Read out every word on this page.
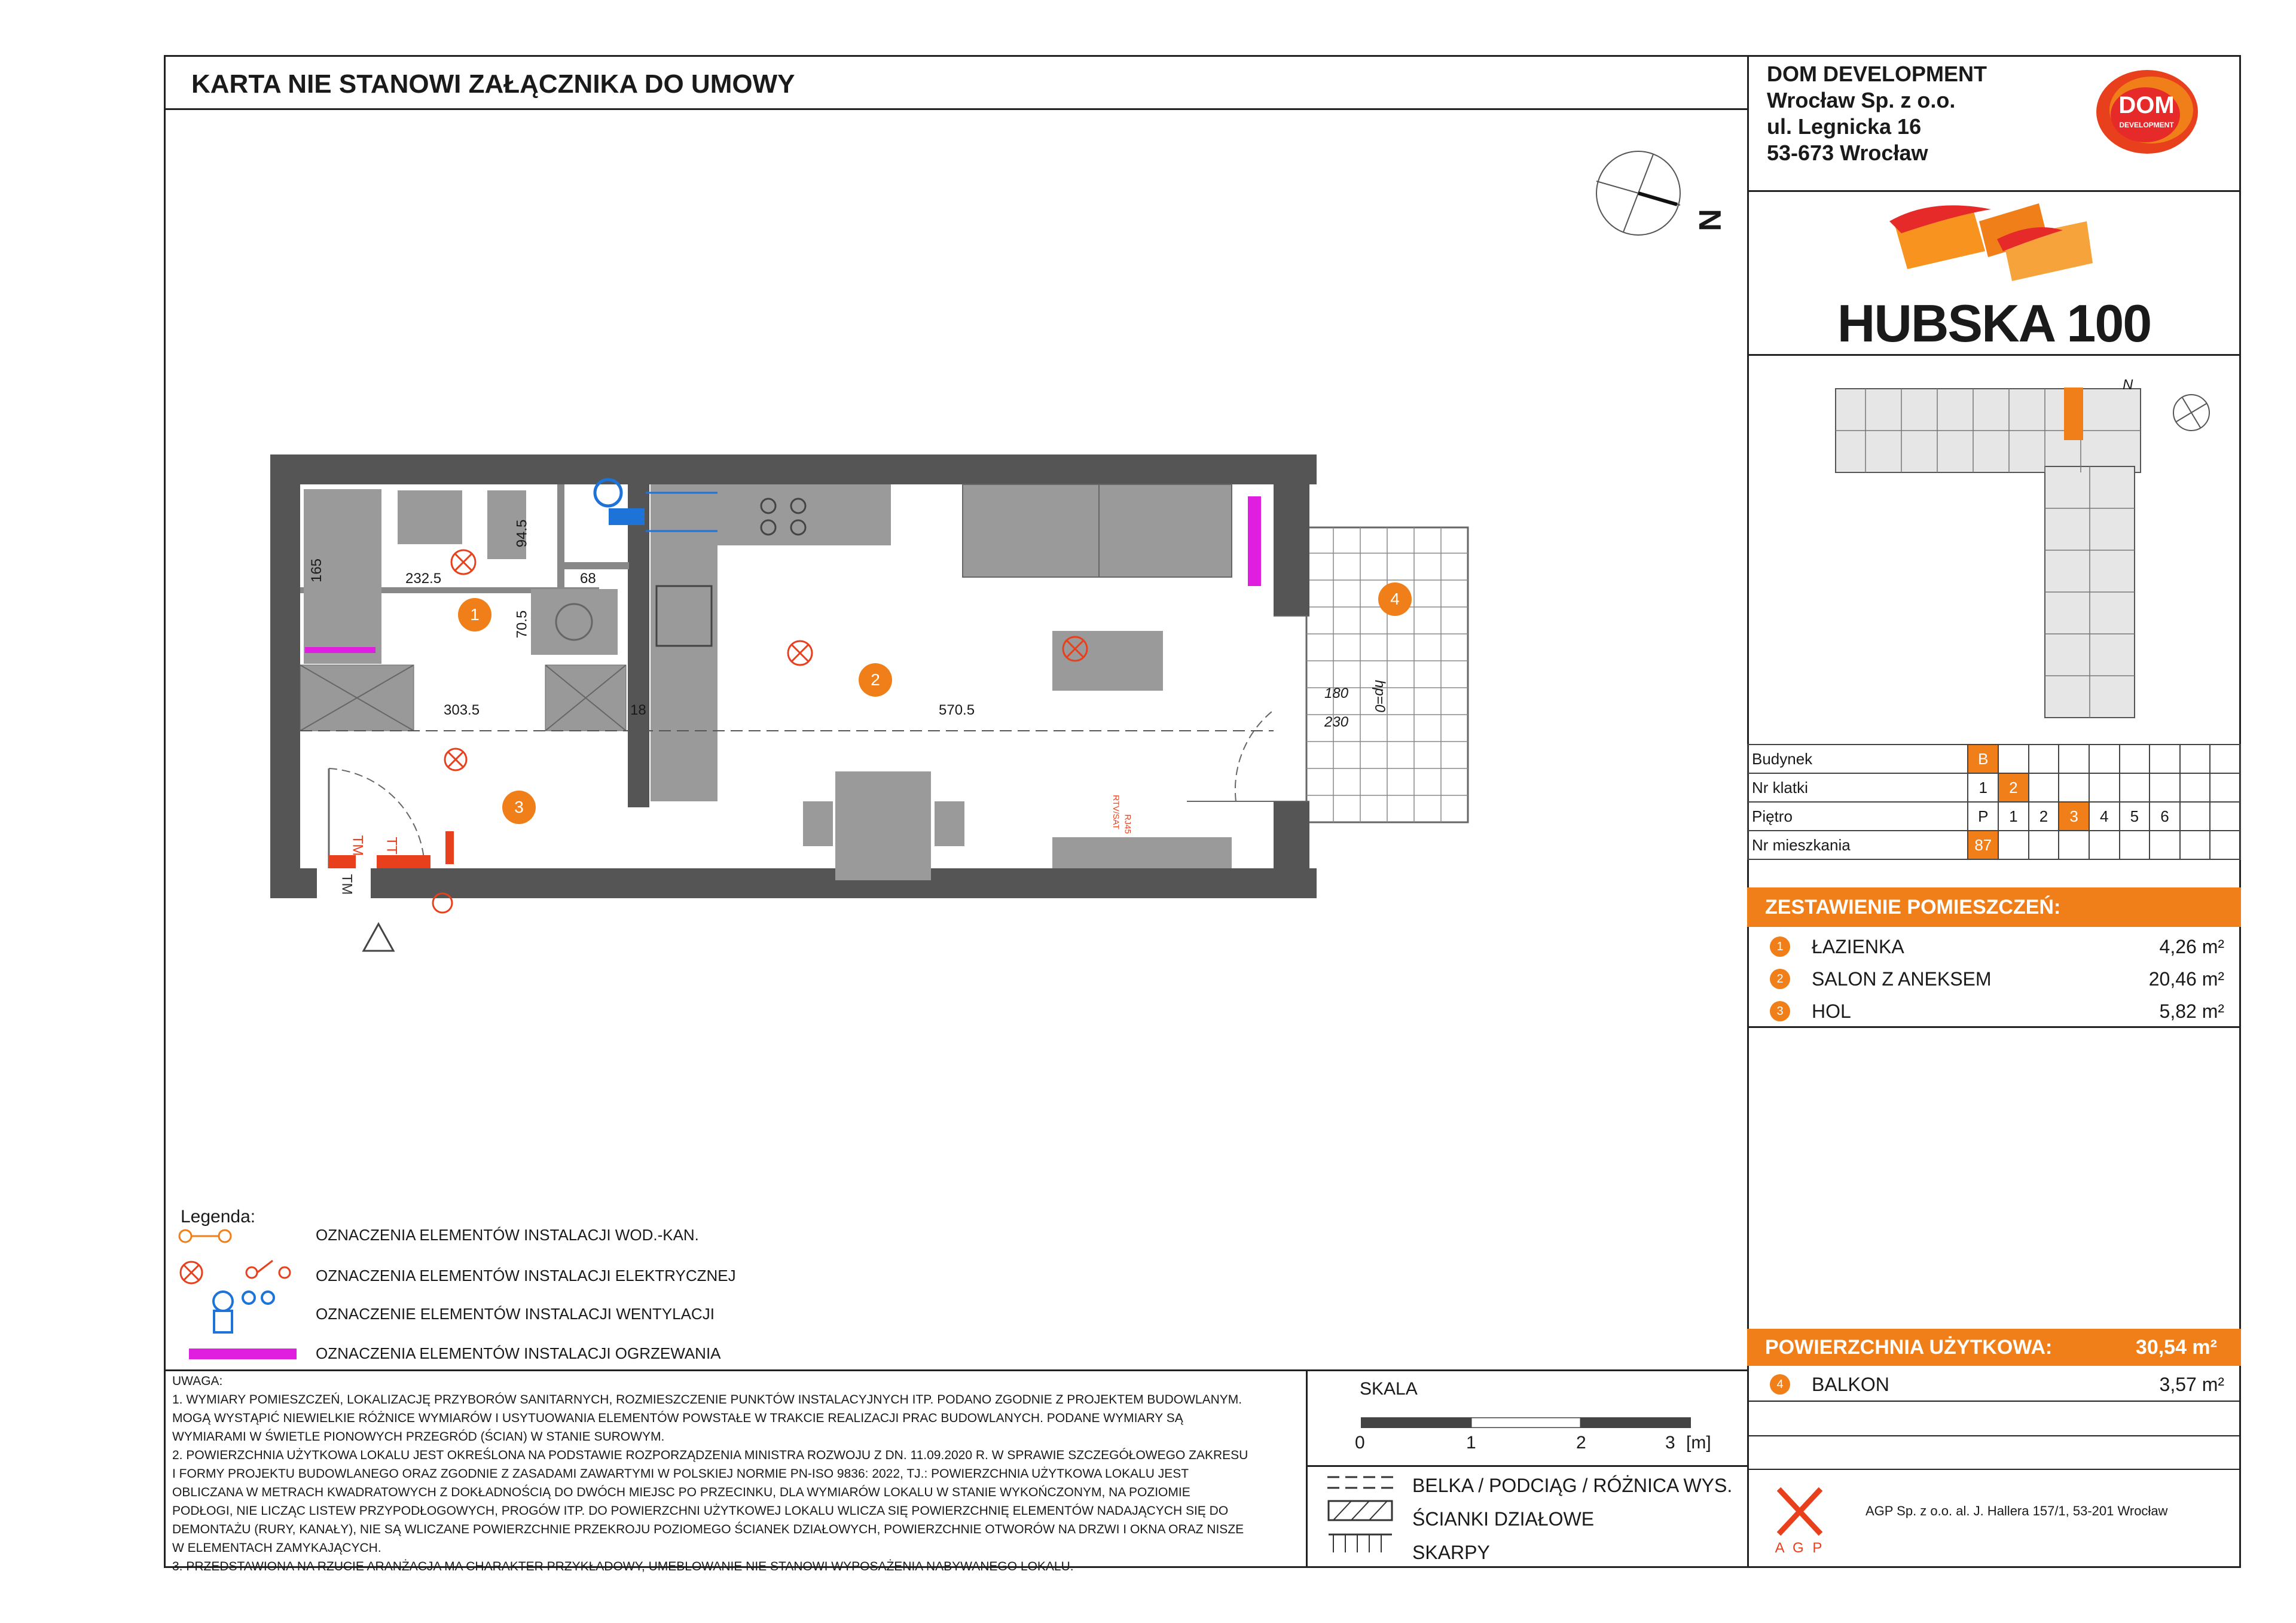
KARTA NIE STANOWI ZAŁĄCZNIKA DO UMOWY	DOM DEVELOPMENT
Wrocław Sp. z o.o.
ul. Legnicka 16
53-673 Wrocław
DOM
DEVELOPMENT
HUBSKA 100
N
Budynek	B								
Nr klatki	1	2							
Piętro	P	1	2	3	4	5	6		
Nr mieszkania	87								
ZESTAWIENIE POMIESZCZEŃ:
1	ŁAZIENKA	4,26 m²
2	SALON Z ANEKSEM	20,46 m²
3	HOL	5,82 m²
POWIERZCHNIA UŻYTKOWA:	30,54 m²
4	BALKON	3,57 m²
A G P
AGP Sp. z o.o. al. J. Hallera 157/1, 53-201 Wrocław
N
1
2
3
4
165	232.5
94.5
68
70.5
303.5	18	570.5
180
230
hp=0
TM TT
TM
RTV/SAT RJ45
Legenda:
OZNACZENIA ELEMENTÓW INSTALACJI WOD.-KAN.
OZNACZENIA ELEMENTÓW INSTALACJI ELEKTRYCZNEJ
OZNACZENIE ELEMENTÓW INSTALACJI WENTYLACJI
OZNACZENIA ELEMENTÓW INSTALACJI OGRZEWANIA
UWAGA:
1. WYMIARY POMIESZCZEŃ, LOKALIZACJĘ PRZYBORÓW SANITARNYCH, ROZMIESZCZENIE PUNKTÓW INSTALACYJNYCH ITP. PODANO ZGODNIE Z PROJEKTEM BUDOWLANYM.
MOGĄ WYSTĄPIĆ NIEWIELKIE RÓŻNICE WYMIARÓW I USYTUOWANIA ELEMENTÓW POWSTAŁE W TRAKCIE REALIZACJI PRAC BUDOWLANYCH. PODANE WYMIARY SĄ
WYMIARAMI W ŚWIETLE PIONOWYCH PRZEGRÓD (ŚCIAN) W STANIE SUROWYM.
2. POWIERZCHNIA UŻYTKOWA LOKALU JEST OKREŚLONA NA PODSTAWIE ROZPORZĄDZENIA MINISTRA ROZWOJU Z DN. 11.09.2020 R. W SPRAWIE SZCZEGÓŁOWEGO ZAKRESU
I FORMY PROJEKTU BUDOWLANEGO ORAZ ZGODNIE Z ZASADAMI ZAWARTYMI W POLSKIEJ NORMIE PN-ISO 9836: 2022, TJ.: POWIERZCHNIA UŻYTKOWA LOKALU JEST
OBLICZANA W METRACH KWADRATOWYCH Z DOKŁADNOŚCIĄ DO DWÓCH MIEJSC PO PRZECINKU, DLA WYMIARÓW LOKALU W STANIE WYKOŃCZONYM, NA POZIOMIE
PODŁOGI, NIE LICZĄC LISTEW PRZYPODŁOGOWYCH, PROGÓW ITP. DO POWIERZCHNI UŻYTKOWEJ LOKALU WLICZA SIĘ POWIERZCHNIĘ ELEMENTÓW NADAJĄCYCH SIĘ DO
DEMONTAŻU (RURY, KANAŁY), NIE SĄ WLICZANE POWIERZCHNIE PRZEKROJU POZIOMEGO ŚCIANEK DZIAŁOWYCH, POWIERZCHNIE OTWORÓW NA DRZWI I OKNA ORAZ NISZE
W ELEMENTACH ZAMYKAJĄCYCH.
3. PRZEDSTAWIONA NA RZUCIE ARANŻACJA MA CHARAKTER PRZYKŁADOWY, UMEBLOWANIE NIE STANOWI WYPOSAŻENIA NABYWANEGO LOKALU.
SKALA
0	1	2	3 [m]
BELKA / PODCIĄG / RÓŻNICA WYS.
ŚCIANKI DZIAŁOWE
SKARPY
